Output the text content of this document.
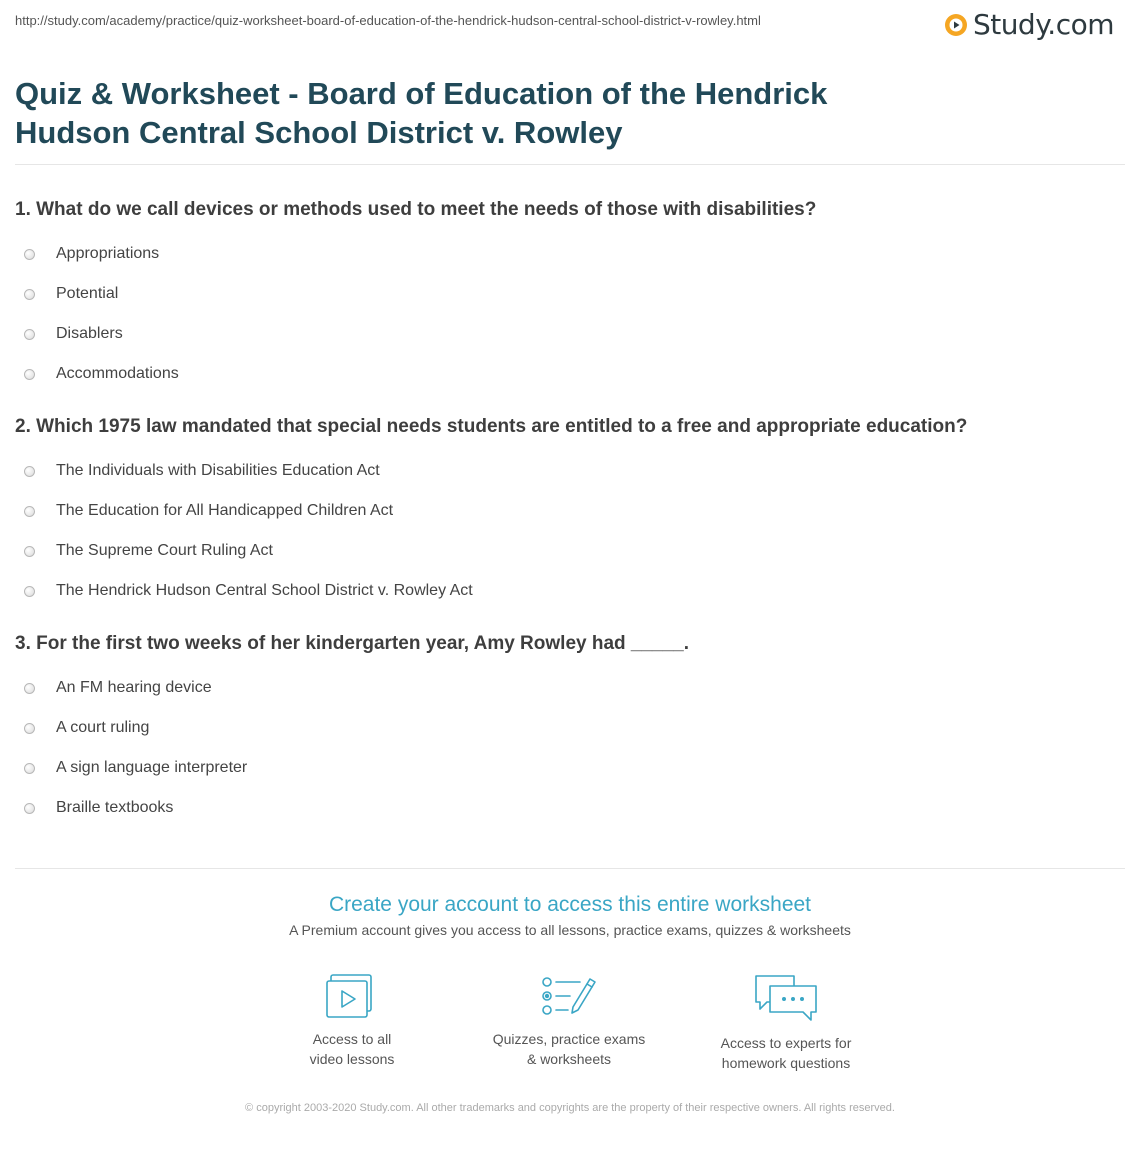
http://study.com/academy/practice/quiz-worksheet-board-of-education-of-the-hendrick-hudson-central-school-district-v-rowley.html	Study.com
Quiz & Worksheet - Board of Education of the Hendrick Hudson Central School District v. Rowley
1. What do we call devices or methods used to meet the needs of those with disabilities?
Appropriations
Potential
Disablers
Accommodations
2. Which 1975 law mandated that special needs students are entitled to a free and appropriate education?
The Individuals with Disabilities Education Act
The Education for All Handicapped Children Act
The Supreme Court Ruling Act
The Hendrick Hudson Central School District v. Rowley Act
3. For the first two weeks of her kindergarten year, Amy Rowley had _____.
An FM hearing device
A court ruling
A sign language interpreter
Braille textbooks
Create your account to access this entire worksheet
A Premium account gives you access to all lessons, practice exams, quizzes & worksheets
Access to all
video lessons
Quizzes, practice exams
& worksheets
Access to experts for
homework questions
© copyright 2003-2020 Study.com. All other trademarks and copyrights are the property of their respective owners. All rights reserved.
